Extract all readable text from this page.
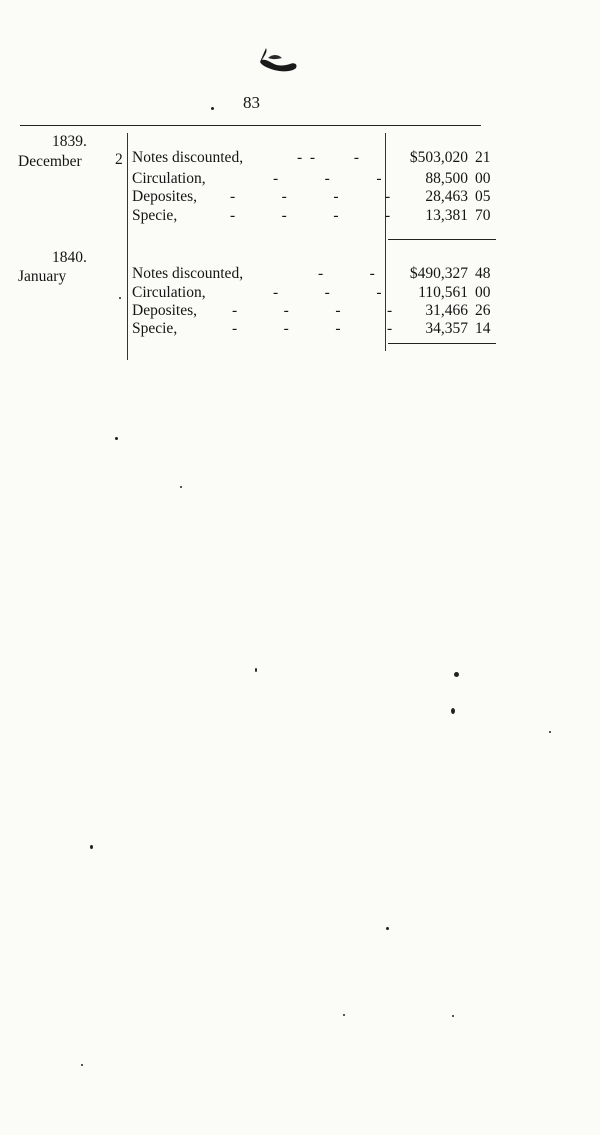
83
1839.
December 2 Notes discounted,	-  -          -	$503,020 21
Circulation,	-            -            -	88,500 00
Deposites, -            -            -            -	28,463 05
Specie,	-            -            -            -	13,381 70
1840.
January	Notes discounted,	-            -	$490,327 48
Circulation,	-            -            -	110,561 00
Deposites, -            -            -            -	31,466 26
Specie,	-            -            -            -	34,357 14
